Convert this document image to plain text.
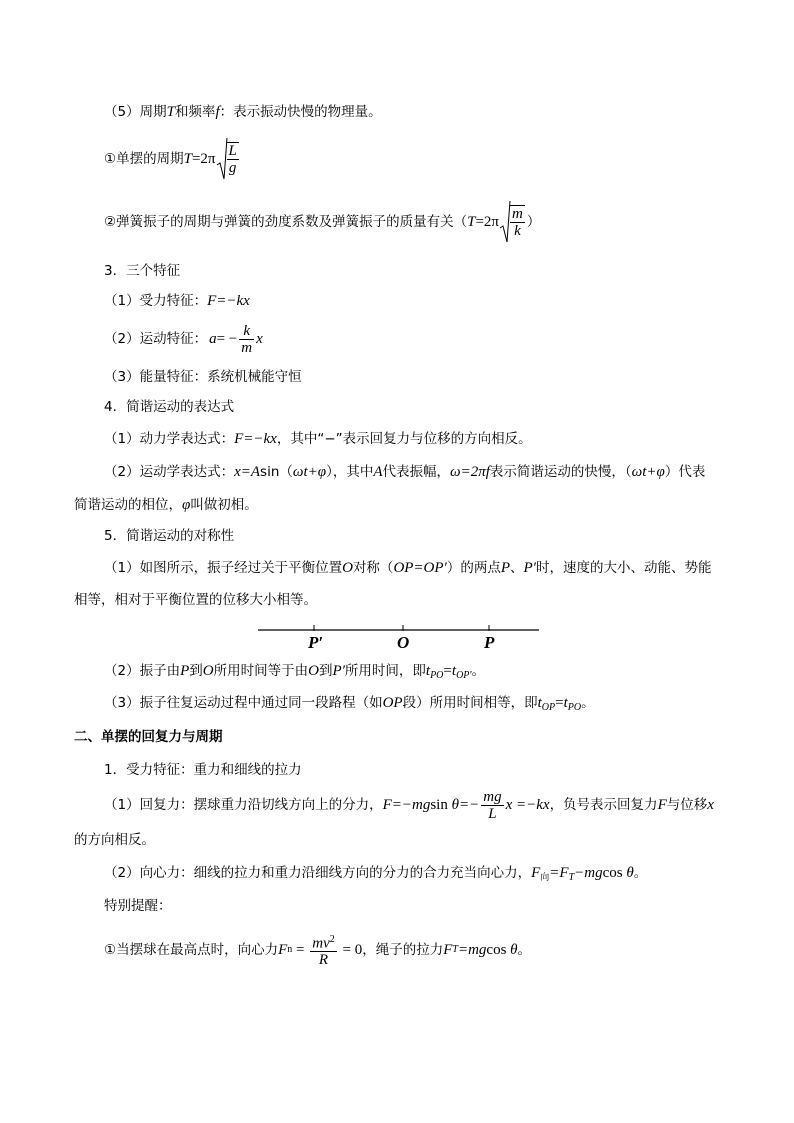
（5）周期T和频率f：表示振动快慢的物理量。
①单摆的周期 $T =2\pi \frac{L}{g}$
②弹簧振子的周期与弹簧的劲度系数及弹簧振子的质量有关（ $T =2\pi \frac{m}{k}$ ）
3．三个特征
（1）受力特征：F=−kx
（2）运动特征： a = − $\frac{k}{m}$ x
（3）能量特征：系统机械能守恒
4．简谐运动的表达式
（1）动力学表达式：F=−kx，其中“−”表示回复力与位移的方向相反。
（2）运动学表达式：x=Asin（ωt+φ），其中A代表振幅，ω=2πf表示简谐运动的快慢，（ωt+φ）代表
简谐运动的相位，φ叫做初相。
5．简谐运动的对称性
（1）如图所示，振子经过关于平衡位置O对称（OP=OP′）的两点P、P′时，速度的大小、动能、势能
相等，相对于平衡位置的位移大小相等。
P′	O	P
（2）振子由P到O所用时间等于由O到P′所用时间，即$t_{PO}=t_{OP'}$。
（3）振子往复运动过程中通过同一段路程（如OP段）所用时间相等，即$t_{OP}=t_{PO}$。
二、单摆的回复力与周期
1．受力特征：重力和细线的拉力
（1）回复力：摆球重力沿切线方向上的分力， F=−mg $\sin \theta=- \frac{mg}{L}$ x =−kx ，负号表示回复力 F 与位移 x
的方向相反。
（2）向心力：细线的拉力和重力沿细线方向的分力的合力充当向心力，$F_向=F_T-mgcos$ θ。
特别提醒：
①当摆球在最高点时，向心力 F $n = \frac{mv^2}{R} = 0$ ，绳子的拉力 F T =mg cos θ 。
